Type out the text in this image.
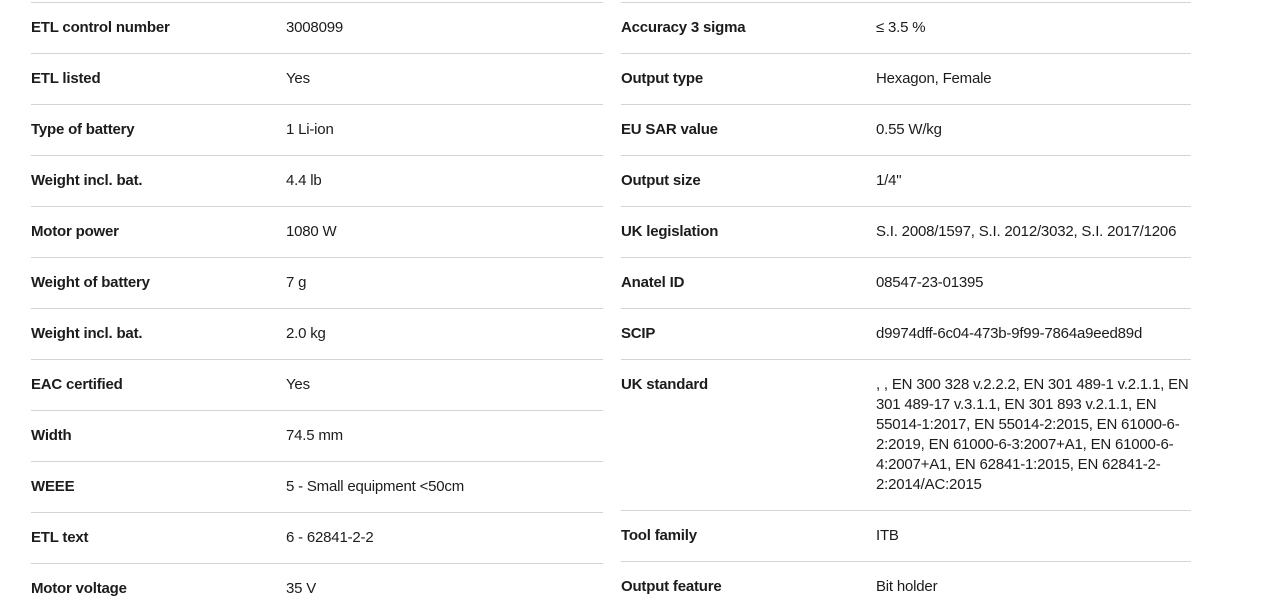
ETL control number	3008099
ETL listed	Yes
Type of battery	1 Li-ion
Weight incl. bat.	4.4 lb
Motor power	1080 W
Weight of battery	7 g
Weight incl. bat.	2.0 kg
EAC certified	Yes
Width	74.5 mm
WEEE	5 - Small equipment <50cm
ETL text	6 - 62841-2-2
Motor voltage	35 V
Accuracy 3 sigma	≤ 3.5 %
Output type	Hexagon, Female
EU SAR value	0.55 W/kg
Output size	1/4"
UK legislation	S.I. 2008/1597, S.I. 2012/3032, S.I. 2017/1206
Anatel ID	08547-23-01395
SCIP	d9974dff-6c04-473b-9f99-7864a9eed89d
UK standard	, , EN 300 328 v.2.2.2, EN 301 489-1 v.2.1.1, EN 301 489-17 v.3.1.1, EN 301 893 v.2.1.1, EN 55014-1:2017, EN 55014-2:2015, EN 61000-6-2:2019, EN 61000-6-3:2007+A1, EN 61000-6-4:2007+A1, EN 62841-1:2015, EN 62841-2-2:2014/AC:2015
Tool family	ITB
Output feature	Bit holder
